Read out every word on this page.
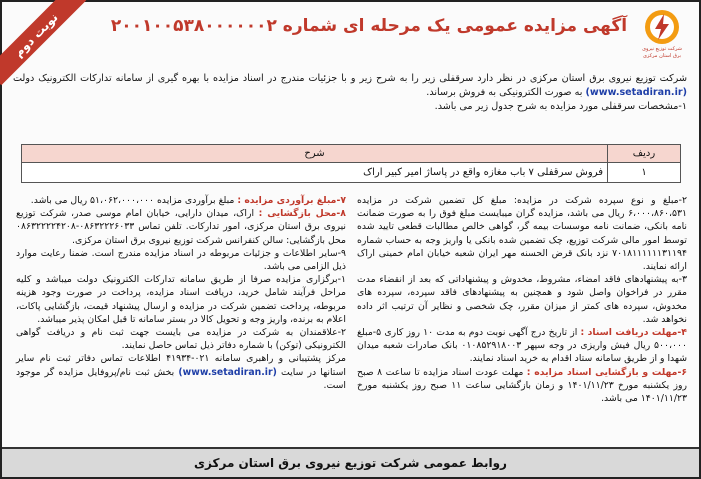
نوبت دوم	شرکت توزیع نیروی برق استان مرکزی
آگهی مزایده عمومی یک مرحله ای شماره ۲۰۰۱۰۰۵۳۸۰۰۰۰۰۰۲
شرکت توزیع نیروی برق استان مرکزی در نظر دارد سرقفلی زیر را به شرح زیر و با جزئیات مندرج در اسناد مزایده با بهره گیری از سامانه تدارکات الکترونیک دولت (www.setadiran.ir) به صورت الکترونیکی به فروش برساند.
۱-مشخصات سرقفلی مورد مزایده به شرح جدول زیر می باشد.
ردیف	شرح
۱	فروش سرقفلی ۷ باب مغازه واقع در پاساژ امیر کبیر اراک

۲-مبلغ و نوع سپرده شرکت در مزایده: مبلغ کل تضمین شرکت در مزایده ۶،۰۰۰،۸۶۰،۵۳۱ ریال می باشد، مزایده گران میبایست مبلغ فوق را به صورت ضمانت نامه بانکی، ضمانت نامه موسسات بیمه گر، گواهی خالص مطالبات قطعی تایید شده توسط امور مالی شرکت توزیع، چک تضمین شده بانکی یا واریز وجه به حساب شماره ۷۰۱۸۱۱۱۱۱۱۳۱۱۹۴ نزد بانک قرض الحسنه مهر ایران شعبه خیابان امام خمینی اراک ارائه نمایند.

۳-به پیشنهادهای فاقد امضاء، مشروط، مخدوش و پیشنهاداتی که بعد از انقضاء مدت مقرر در فراخوان واصل شود و همچنین به پیشنهادهای فاقد سپرده، سپرده های مخدوش، سپرده های کمتر از میزان مقرر، چک شخصی و نظایر آن ترتیب اثر داده نخواهد شد.

۴-مهلت دریافت اسناد : از تاریخ درج آگهی نوبت دوم به مدت ۱۰ روز کاری ۵-مبلغ ۵۰۰،۰۰۰ ریال فیش واریزی در وجه سپهر ۰۱۰۸۵۲۹۱۸۰۰۳ بانک صادرات شعبه میدان شهدا و از طریق سامانه ستاد اقدام به خرید اسناد نمایند.

۶-مهلت و بازگشایی اسناد مزایده : مهلت عودت اسناد مزایده تا ساعت ۸ صبح روز یکشنبه مورخ ۱۴۰۱/۱۱/۲۳ و زمان بازگشایی ساعت ۱۱ صبح روز یکشنبه مورخ ۱۴۰۱/۱۱/۲۳ می باشد.

۷-مبلغ برآوردی مزایده : مبلغ برآوردی مزایده ۵۱،۰۶۲،۰۰۰،۰۰۰ ریال می باشد.

۸-محل بازگشایی : اراک، میدان دارایی، خیابان امام موسی صدر، شرکت توزیع نیروی برق استان مرکزی، امور تدارکات. تلفن تماس ۰۸۶۳۲۲۲۶۰۳۳-۰۸۶۳۲۲۲۲۴۲۰۸ محل بازگشایی: سالن کنفرانس شرکت توزیع نیروی برق استان مرکزی.

۹-سایر اطلاعات و جزئیات مربوطه در اسناد مزایده مندرج است. ضمنا رعایت موارد ذیل الزامی می باشد.

۱-برگزاری مزایده صرفا از طریق سامانه تدارکات الکترونیک دولت میباشد و کلیه مراحل فرآیند شامل خرید، دریافت اسناد مزایده، پرداخت در صورت وجود هزینه مربوطه، پرداخت تضمین شرکت در مزایده و ارسال پیشنهاد قیمت، بازگشایی پاکات، اعلام به برنده، واریز وجه و تحویل کالا در بستر سامانه تا قبل امکان پذیر میباشد.

۲-علاقمندان به شرکت در مزایده می بایست جهت ثبت نام و دریافت گواهی الکترونیکی (توکن) با شماره دفاتر ذیل تماس حاصل نمایند.

مرکز پشتیبانی و راهبری سامانه ۰۲۱-۴۱۹۳۴ اطلاعات تماس دفاتر ثبت نام سایر استانها در سایت (www.setadiran.ir) بخش ثبت نام/پروفایل مزایده گر موجود است.

روابط عمومی شرکت توزیع نیروی برق استان مرکزی
